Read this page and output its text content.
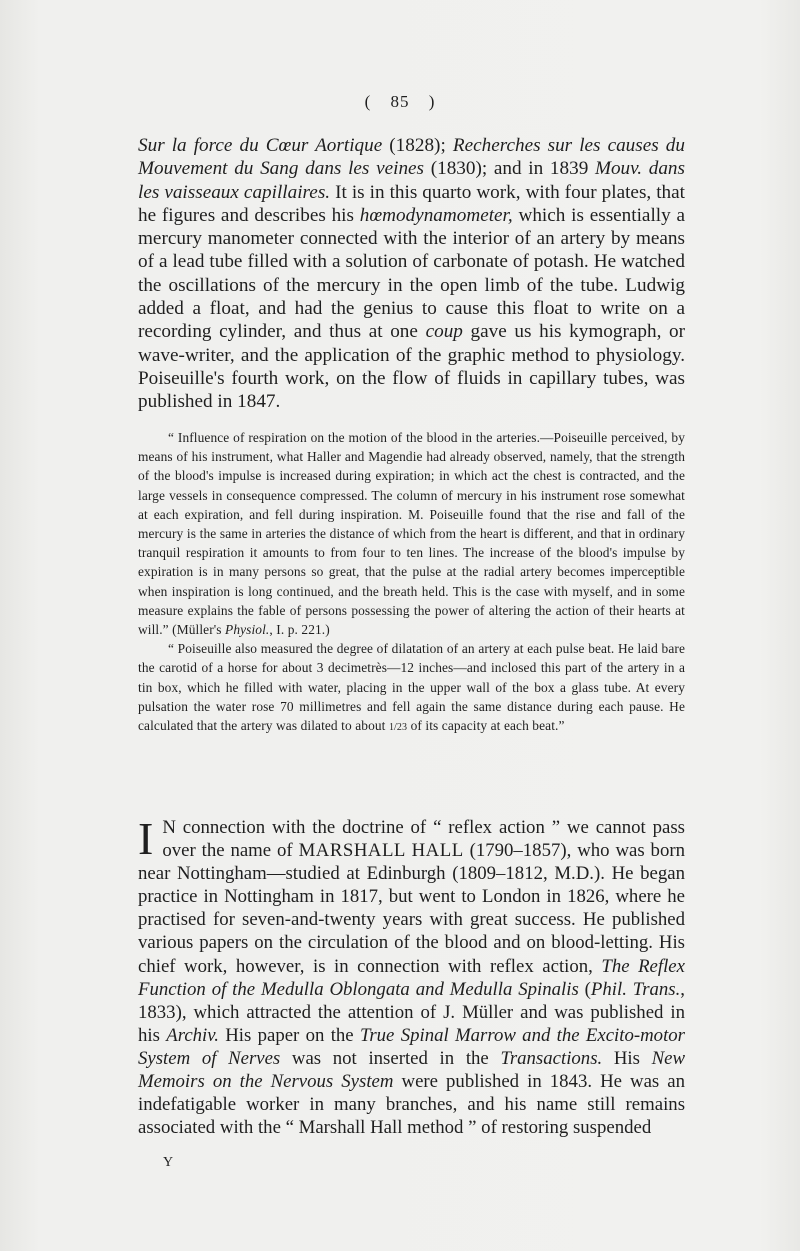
( 85 )

Sur la force du Cœur Aortique (1828); Recherches sur les causes du Mouvement du Sang dans les veines (1830); and in 1839 Mouv. dans les vaisseaux capillaires. It is in this quarto work, with four plates, that he figures and describes his hœmodynamometer, which is essentially a mercury manometer connected with the interior of an artery by means of a lead tube filled with a solution of carbonate of potash. He watched the oscillations of the mercury in the open limb of the tube. Ludwig added a float, and had the genius to cause this float to write on a recording cylinder, and thus at one coup gave us his kymograph, or wave-writer, and the application of the graphic method to physiology. Poiseuille's fourth work, on the flow of fluids in capillary tubes, was published in 1847.

“ Influence of respiration on the motion of the blood in the arteries.—Poiseuille perceived, by means of his instrument, what Haller and Magendie had already observed, namely, that the strength of the blood's impulse is increased during expiration; in which act the chest is contracted, and the large vessels in consequence compressed. The column of mercury in his instrument rose somewhat at each expiration, and fell during inspiration. M. Poiseuille found that the rise and fall of the mercury is the same in arteries the distance of which from the heart is different, and that in ordinary tranquil respiration it amounts to from four to ten lines. The increase of the blood's impulse by expiration is in many persons so great, that the pulse at the radial artery becomes imperceptible when inspiration is long continued, and the breath held. This is the case with myself, and in some measure explains the fable of persons possessing the power of altering the action of their hearts at will.” (Müller's Physiol., I. p. 221.)

“ Poiseuille also measured the degree of dilatation of an artery at each pulse beat. He laid bare the carotid of a horse for about 3 decimetrès—12 inches—and inclosed this part of the artery in a tin box, which he filled with water, placing in the upper wall of the box a glass tube. At every pulsation the water rose 70 millimetres and fell again the same distance during each pause. He calculated that the artery was dilated to about 1/23 of its capacity at each beat.”

I N connection with the doctrine of “ reflex action ” we cannot pass over the name of MARSHALL HALL (1790–1857), who was born near Nottingham—studied at Edinburgh (1809–1812, M.D.). He began practice in Nottingham in 1817, but went to London in 1826, where he practised for seven-and-twenty years with great success. He published various papers on the circulation of the blood and on blood-letting. His chief work, however, is in connection with reflex action, The Reflex Function of the Medulla Oblongata and Medulla Spinalis (Phil. Trans., 1833), which attracted the attention of J. Müller and was published in his Archiv. His paper on the True Spinal Marrow and the Excito-motor System of Nerves was not inserted in the Transactions. His New Memoirs on the Nervous System were published in 1843. He was an indefatigable worker in many branches, and his name still remains associated with the “ Marshall Hall method ” of restoring suspended

Y
